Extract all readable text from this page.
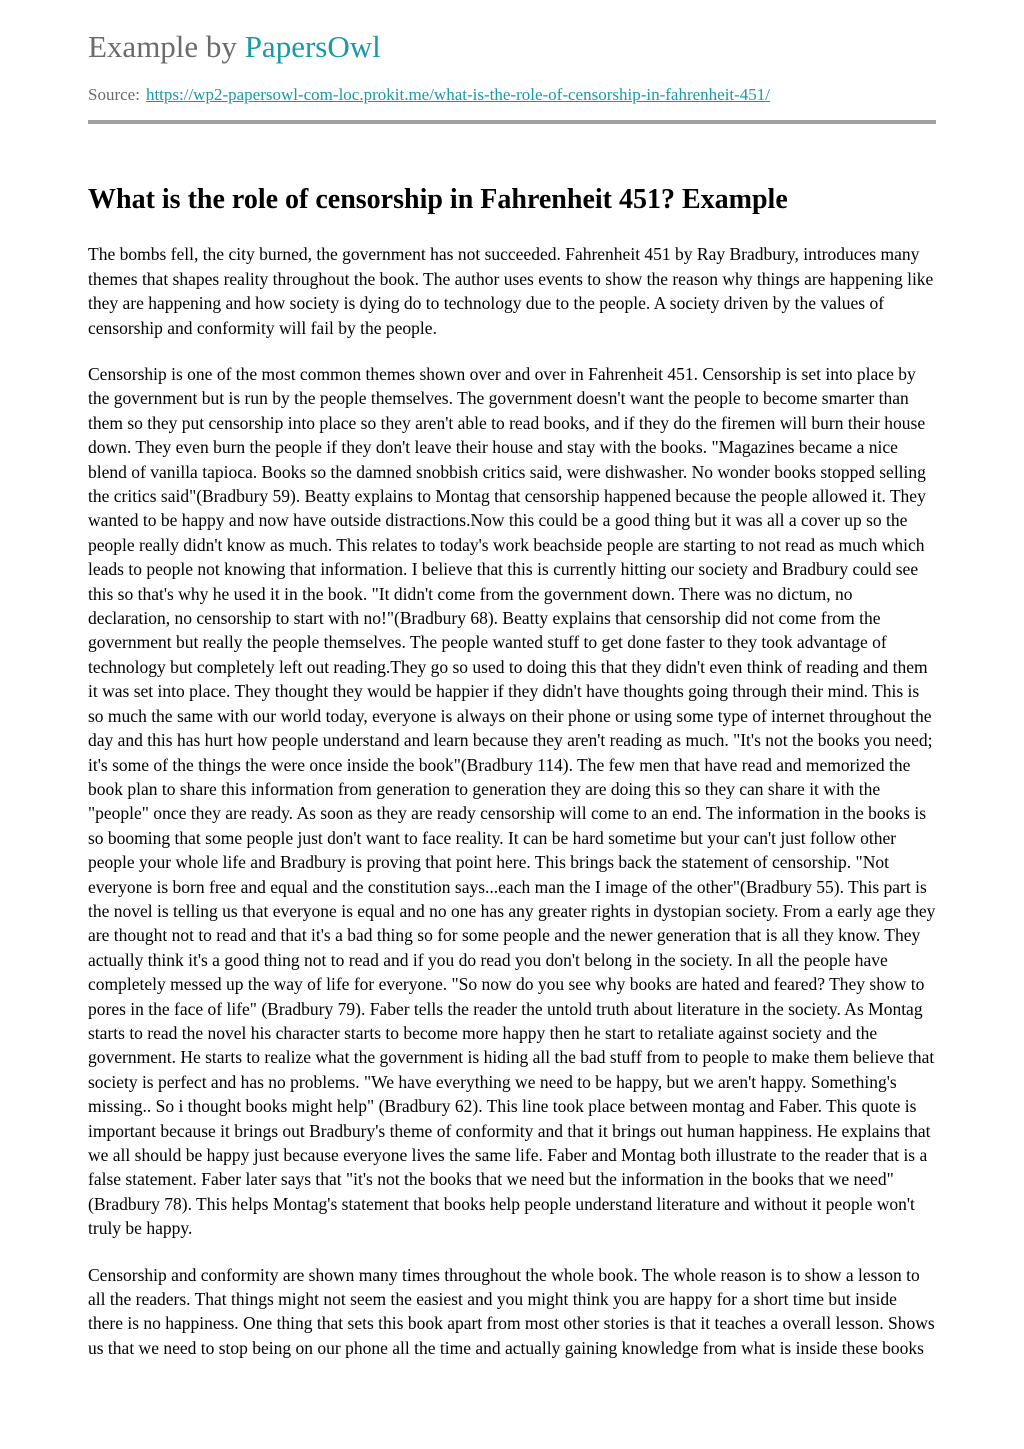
Example by PapersOwl
Source: https://wp2-papersowl-com-loc.prokit.me/what-is-the-role-of-censorship-in-fahrenheit-451/
What is the role of censorship in Fahrenheit 451? Example

The bombs fell, the city burned, the government has not succeeded. Fahrenheit 451 by Ray Bradbury, introduces many themes that shapes reality throughout the book. The author uses events to show the reason why things are happening like they are happening and how society is dying do to technology due to the people. A society driven by the values of censorship and conformity will fail by the people.

Censorship is one of the most common themes shown over and over in Fahrenheit 451. Censorship is set into place by the government but is run by the people themselves. The government doesn't want the people to become smarter than them so they put censorship into place so they aren't able to read books, and if they do the firemen will burn their house down. They even burn the people if they don't leave their house and stay with the books. "Magazines became a nice blend of vanilla tapioca. Books so the damned snobbish critics said, were dishwasher. No wonder books stopped selling the critics said"(Bradbury 59). Beatty explains to Montag that censorship happened because the people allowed it. They wanted to be happy and now have outside distractions.Now this could be a good thing but it was all a cover up so the people really didn't know as much. This relates to today's work beachside people are starting to not read as much which leads to people not knowing that information. I believe that this is currently hitting our society and Bradbury could see this so that's why he used it in the book. "It didn't come from the government down. There was no dictum, no declaration, no censorship to start with no!"(Bradbury 68). Beatty explains that censorship did not come from the government but really the people themselves. The people wanted stuff to get done faster to they took advantage of technology but completely left out reading.They go so used to doing this that they didn't even think of reading and them it was set into place. They thought they would be happier if they didn't have thoughts going through their mind. This is so much the same with our world today, everyone is always on their phone or using some type of internet throughout the day and this has hurt how people understand and learn because they aren't reading as much. "It's not the books you need; it's some of the things the were once inside the book"(Bradbury 114). The few men that have read and memorized the book plan to share this information from generation to generation they are doing this so they can share it with the "people" once they are ready. As soon as they are ready censorship will come to an end. The information in the books is so booming that some people just don't want to face reality. It can be hard sometime but your can't just follow other people your whole life and Bradbury is proving that point here. This brings back the statement of censorship. "Not everyone is born free and equal and the constitution says...each man the I image of the other"(Bradbury 55). This part is the novel is telling us that everyone is equal and no one has any greater rights in dystopian society. From a early age they are thought not to read and that it's a bad thing so for some people and the newer generation that is all they know. They actually think it's a good thing not to read and if you do read you don't belong in the society. In all the people have completely messed up the way of life for everyone. "So now do you see why books are hated and feared? They show to pores in the face of life" (Bradbury 79). Faber tells the reader the untold truth about literature in the society. As Montag starts to read the novel his character starts to become more happy then he start to retaliate against society and the government. He starts to realize what the government is hiding all the bad stuff from to people to make them believe that society is perfect and has no problems. "We have everything we need to be happy, but we aren't happy. Something's missing.. So i thought books might help" (Bradbury 62). This line took place between montag and Faber. This quote is important because it brings out Bradbury's theme of conformity and that it brings out human happiness. He explains that we all should be happy just because everyone lives the same life. Faber and Montag both illustrate to the reader that is a false statement. Faber later says that "it's not the books that we need but the information in the books that we need"(Bradbury 78). This helps Montag's statement that books help people understand literature and without it people won't truly be happy.

Censorship and conformity are shown many times throughout the whole book. The whole reason is to show a lesson to all the readers. That things might not seem the easiest and you might think you are happy for a short time but inside there is no happiness. One thing that sets this book apart from most other stories is that it teaches a overall lesson. Shows us that we need to stop being on our phone all the time and actually gaining knowledge from what is inside these books
